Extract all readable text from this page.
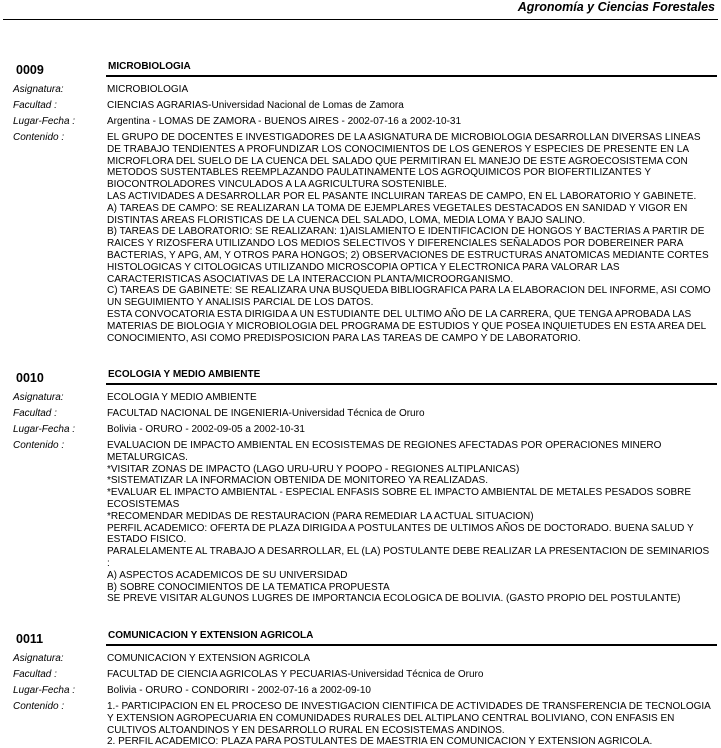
Agronomía y Ciencias Forestales
0009	MICROBIOLOGIA
Asignatura:	MICROBIOLOGIA
Facultad :	CIENCIAS AGRARIAS-Universidad Nacional de Lomas de Zamora
Lugar-Fecha :	Argentina - LOMAS DE ZAMORA - BUENOS AIRES - 2002-07-16 a 2002-10-31
Contenido :	EL GRUPO DE DOCENTES E INVESTIGADORES DE LA ASIGNATURA DE MICROBIOLOGIA DESARROLLAN DIVERSAS LINEAS DE TRABAJO TENDIENTES A PROFUNDIZAR LOS CONOCIMIENTOS DE LOS GENEROS Y ESPECIES DE PRESENTE EN LA MICROFLORA DEL SUELO DE LA CUENCA DEL SALADO QUE PERMITIRAN EL MANEJO DE ESTE AGROECOSISTEMA CON METODOS SUSTENTABLES REEMPLAZANDO PAULATINAMENTE LOS AGROQUIMICOS POR BIOFERTILIZANTES Y BIOCONTROLADORES VINCULADOS A LA AGRICULTURA SOSTENIBLE.
LAS ACTIVIDADES A DESARROLLAR POR EL PASANTE INCLUIRAN TAREAS DE CAMPO, EN EL LABORATORIO Y GABINETE.
A) TAREAS DE CAMPO: SE REALIZARAN LA TOMA DE EJEMPLARES VEGETALES DESTACADOS EN SANIDAD Y VIGOR EN DISTINTAS AREAS FLORISTICAS DE LA CUENCA DEL SALADO, LOMA, MEDIA LOMA Y BAJO SALINO.
B) TAREAS DE LABORATORIO: SE REALIZARAN: 1)AISLAMIENTO E IDENTIFICACION DE HONGOS Y BACTERIAS A PARTIR DE RAICES Y RIZOSFERA UTILIZANDO LOS MEDIOS SELECTIVOS Y DIFERENCIALES SEÑALADOS POR DOBEREINER PARA BACTERIAS, Y APG, AM, Y OTROS PARA HONGOS; 2) OBSERVACIONES DE ESTRUCTURAS ANATOMICAS MEDIANTE CORTES HISTOLOGICAS Y CITOLOGICAS UTILIZANDO MICROSCOPIA OPTICA Y ELECTRONICA PARA VALORAR LAS CARACTERISTICAS ASOCIATIVAS DE LA INTERACCION PLANTA/MICROORGANISMO.
C) TAREAS DE GABINETE: SE REALIZARA UNA BUSQUEDA BIBLIOGRAFICA PARA LA ELABORACION DEL INFORME, ASI COMO UN SEGUIMIENTO Y ANALISIS PARCIAL DE LOS DATOS.
ESTA CONVOCATORIA ESTA DIRIGIDA A UN ESTUDIANTE DEL ULTIMO AÑO DE LA CARRERA, QUE TENGA APROBADA LAS MATERIAS DE BIOLOGIA Y MICROBIOLOGIA DEL PROGRAMA DE ESTUDIOS Y QUE POSEA INQUIETUDES EN ESTA AREA DEL CONOCIMIENTO, ASI COMO PREDISPOSICION PARA LAS TAREAS DE CAMPO Y DE LABORATORIO.
0010	ECOLOGIA Y MEDIO AMBIENTE
Asignatura:	ECOLOGIA Y MEDIO AMBIENTE
Facultad :	FACULTAD NACIONAL DE INGENIERIA-Universidad Técnica de Oruro
Lugar-Fecha :	Bolivia - ORURO - 2002-09-05 a 2002-10-31
Contenido :	EVALUACION DE IMPACTO AMBIENTAL EN ECOSISTEMAS DE REGIONES AFECTADAS POR OPERACIONES MINERO METALURGICAS.
*VISITAR ZONAS DE IMPACTO (LAGO URU-URU Y POOPO - REGIONES ALTIPLANICAS)
*SISTEMATIZAR LA INFORMACION OBTENIDA DE MONITOREO YA REALIZADAS.
*EVALUAR EL IMPACTO AMBIENTAL - ESPECIAL ENFASIS SOBRE EL IMPACTO AMBIENTAL DE METALES PESADOS SOBRE ECOSISTEMAS
*RECOMENDAR MEDIDAS DE RESTAURACION (PARA REMEDIAR LA ACTUAL SITUACION)
PERFIL ACADEMICO: OFERTA DE PLAZA DIRIGIDA A POSTULANTES DE ULTIMOS AÑOS DE DOCTORADO. BUENA SALUD Y ESTADO FISICO.
PARALELAMENTE AL TRABAJO A DESARROLLAR, EL (LA) POSTULANTE DEBE REALIZAR LA PRESENTACION DE SEMINARIOS :
A) ASPECTOS ACADEMICOS DE SU UNIVERSIDAD
B) SOBRE CONOCIMIENTOS DE LA TEMATICA PROPUESTA
SE PREVE VISITAR ALGUNOS LUGRES DE IMPORTANCIA ECOLOGICA DE BOLIVIA. (GASTO PROPIO DEL POSTULANTE)
0011	COMUNICACION Y EXTENSION AGRICOLA
Asignatura:	COMUNICACION Y EXTENSION AGRICOLA
Facultad :	FACULTAD DE CIENCIA AGRICOLAS Y PECUARIAS-Universidad Técnica de Oruro
Lugar-Fecha :	Bolivia - ORURO - CONDORIRI - 2002-07-16 a 2002-09-10
Contenido :	1.- PARTICIPACION EN EL PROCESO DE INVESTIGACION CIENTIFICA DE ACTIVIDADES DE TRANSFERENCIA DE TECNOLOGIA Y EXTENSION AGROPECUARIA EN COMUNIDADES RURALES DEL ALTIPLANO CENTRAL BOLIVIANO, CON ENFASIS EN CULTIVOS ALTOANDINOS Y EN DESARROLLO RURAL EN ECOSISTEMAS ANDINOS.
2. PERFIL ACADEMICO: PLAZA PARA POSTULANTES DE MAESTRIA EN COMUNICACION Y EXTENSION AGRICOLA.
